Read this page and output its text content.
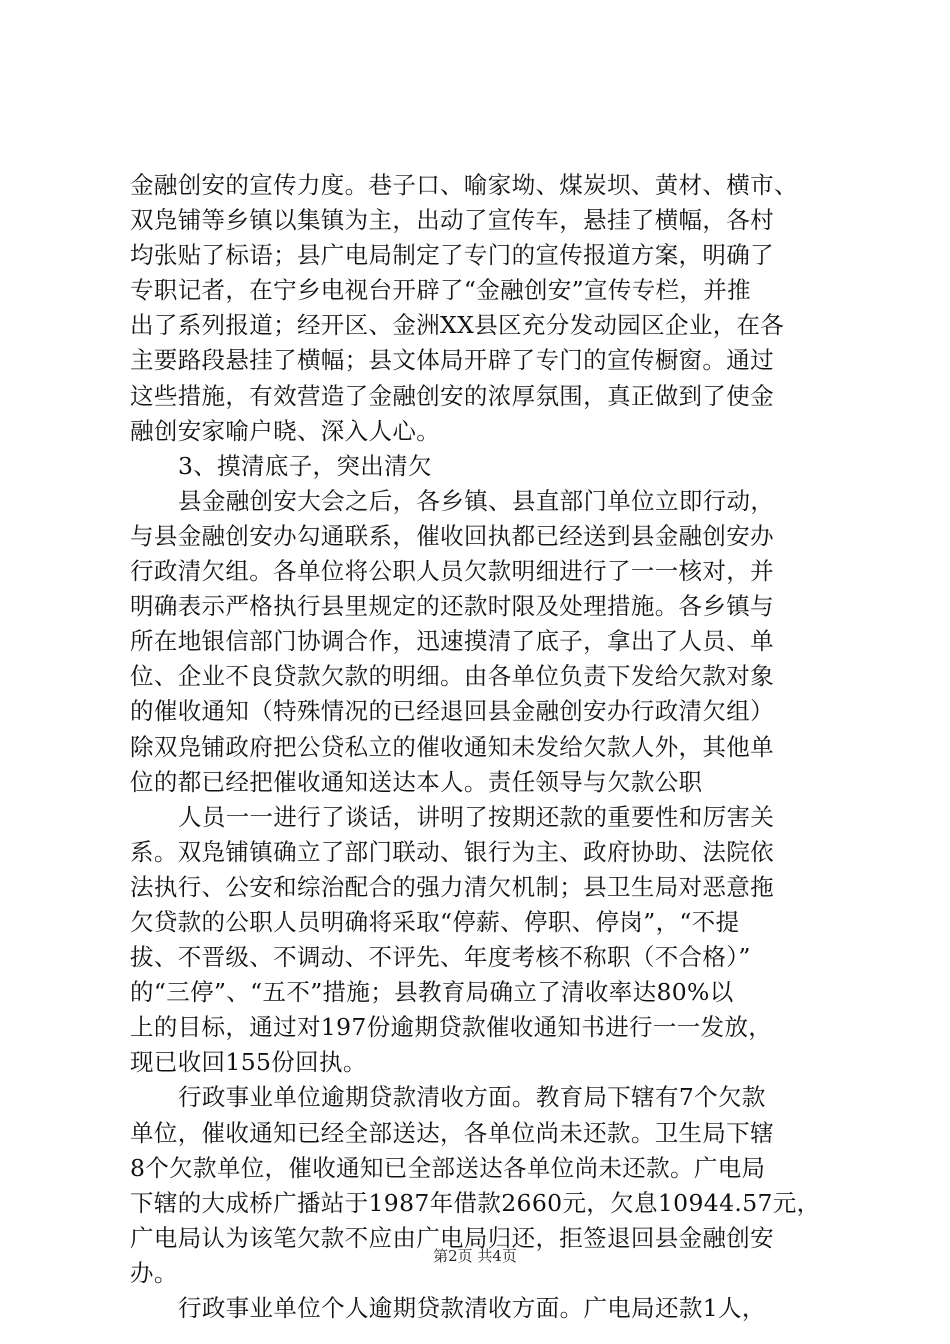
金融创安的宣传力度。巷子口、喻家坳、煤炭坝、黄材、横市、
双凫铺等乡镇以集镇为主，出动了宣传车，悬挂了横幅，各村
均张贴了标语；县广电局制定了专门的宣传报道方案，明确了
专职记者，在宁乡电视台开辟了“金融创安”宣传专栏，并推
出了系列报道；经开区、金洲XX县区充分发动园区企业，在各
主要路段悬挂了横幅；县文体局开辟了专门的宣传橱窗。通过
这些措施，有效营造了金融创安的浓厚氛围，真正做到了使金
融创安家喻户晓、深入人心。
3、摸清底子，突出清欠
县金融创安大会之后，各乡镇、县直部门单位立即行动，
与县金融创安办勾通联系，催收回执都已经送到县金融创安办
行政清欠组。各单位将公职人员欠款明细进行了一一核对，并
明确表示严格执行县里规定的还款时限及处理措施。各乡镇与
所在地银信部门协调合作，迅速摸清了底子，拿出了人员、单
位、企业不良贷款欠款的明细。由各单位负责下发给欠款对象
的催收通知（特殊情况的已经退回县金融创安办行政清欠组）
除双凫铺政府把公贷私立的催收通知未发给欠款人外，其他单
位的都已经把催收通知送达本人。责任领导与欠款公职
人员一一进行了谈话，讲明了按期还款的重要性和厉害关
系。双凫铺镇确立了部门联动、银行为主、政府协助、法院依
法执行、公安和综治配合的强力清欠机制；县卫生局对恶意拖
欠贷款的公职人员明确将采取“停薪、停职、停岗”，“不提
拔、不晋级、不调动、不评先、年度考核不称职（不合格）”
的“三停”、“五不”措施；县教育局确立了清收率达80%以
上的目标，通过对197份逾期贷款催收通知书进行一一发放，
现已收回155份回执。
行政事业单位逾期贷款清收方面。教育局下辖有7个欠款
单位，催收通知已经全部送达，各单位尚未还款。卫生局下辖
8个欠款单位，催收通知已全部送达各单位尚未还款。广电局
下辖的大成桥广播站于1987年借款2660元，欠息10944.57元，
广电局认为该笔欠款不应由广电局归还，拒签退回县金融创安
办。
行政事业单位个人逾期贷款清收方面。广电局还款1人，
第2页 共4页
